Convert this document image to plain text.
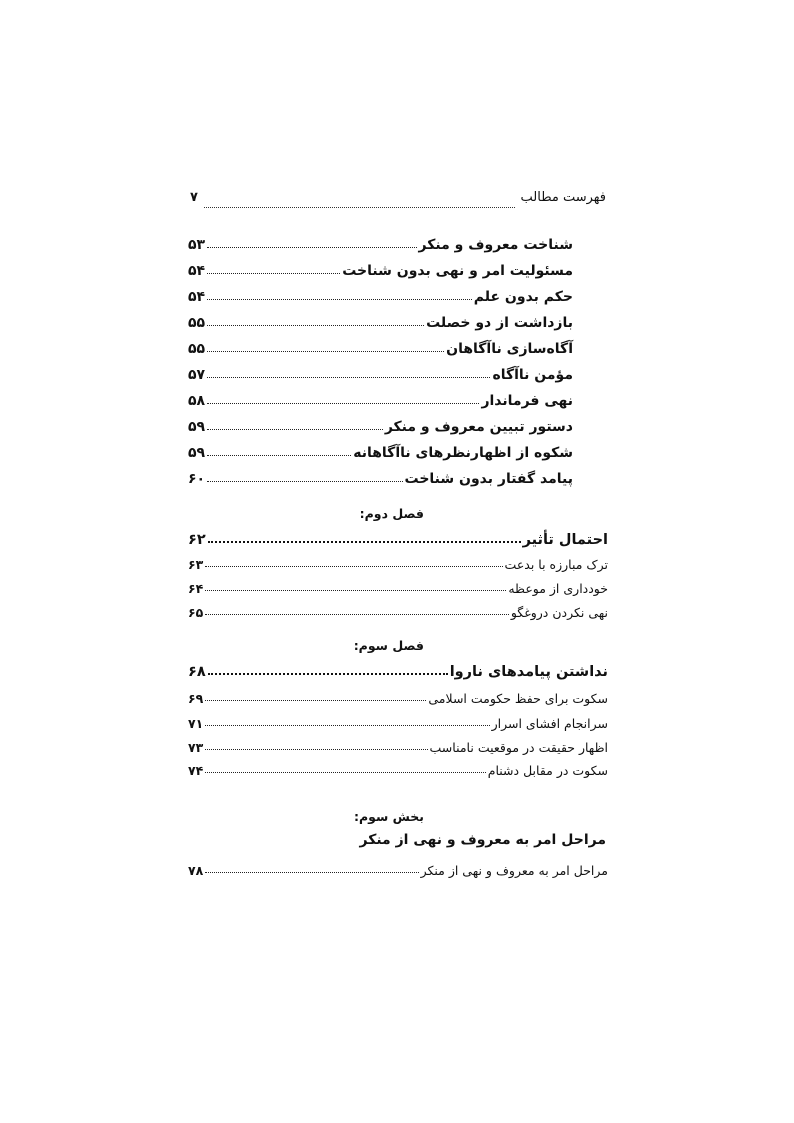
فهرست مطالب
۷
شناخت معروف و منکر
۵۳
مسئولیت امر و نهی بدون شناخت
۵۴
حکم بدون علم
۵۴
بازداشت از دو خصلت
۵۵
آگاه‌سازی ناآگاهان
۵۵
مؤمن ناآگاه
۵۷
نهی فرماندار
۵۸
دستور تبیین معروف و منکر
۵۹
شکوه از اظهارنظرهای ناآگاهانه
۵۹
پیامد گفتار بدون شناخت
۶۰
فصل دوم:
احتمال تأثیر
۶۲
ترک مبارزه با بدعت
۶۳
خودداری از موعظه
۶۴
نهی نکردن دروغگو
۶۵
فصل سوم:
نداشتن پیامدهای ناروا
۶۸
سکوت برای حفظ حکومت اسلامی
۶۹
سرانجام افشای اسرار
۷۱
اظهار حقیقت در موقعیت نامناسب
۷۳
سکوت در مقابل دشنام
۷۴
بخش سوم:
مراحل امر به معروف و نهی از منکر
مراحل امر به معروف و نهی از منکر
۷۸
